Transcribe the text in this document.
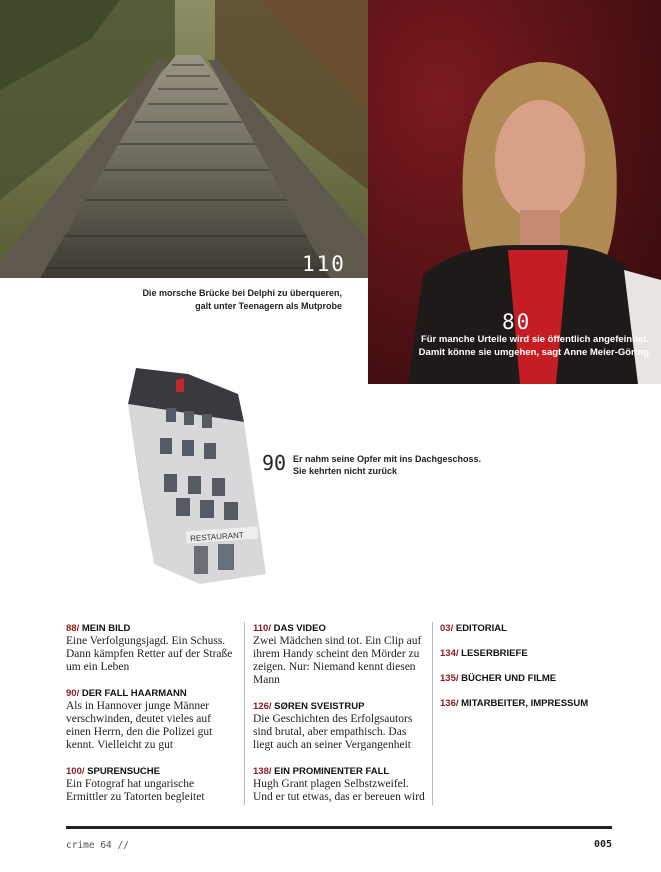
110
Die morsche Brücke bei Delphi zu überqueren,
galt unter Teenagern als Mutprobe
80
Für manche Urteile wird sie öffentlich angefeindet.
Damit könne sie umgehen, sagt Anne Meier-Göring
RESTAURANT
90 Er nahm seine Opfer mit ins Dachgeschoss.
Sie kehrten nicht zurück
88/ MEIN BILD
Eine Verfolgungsjagd. Ein Schuss. Dann kämpfen Retter auf der Straße um ein Leben
90/ DER FALL HAARMANN
Als in Hannover junge Männer verschwinden, deutet vieles auf einen Herrn, den die Polizei gut kennt. Vielleicht zu gut
100/ SPURENSUCHE
Ein Fotograf hat ungarische Ermittler zu Tatorten begleitet
110/ DAS VIDEO
Zwei Mädchen sind tot. Ein Clip auf ihrem Handy scheint den Mörder zu zeigen. Nur: Niemand kennt diesen Mann
126/ SØREN SVEISTRUP
Die Geschichten des Erfolgsautors sind brutal, aber empathisch. Das liegt auch an seiner Vergangenheit
138/ EIN PROMINENTER FALL
Hugh Grant plagen Selbstzweifel. Und er tut etwas, das er bereuen wird
03/ EDITORIAL
134/ LESERBRIEFE
135/ BÜCHER UND FILME
136/ MITARBEITER, IMPRESSUM
crime 64 //	005
